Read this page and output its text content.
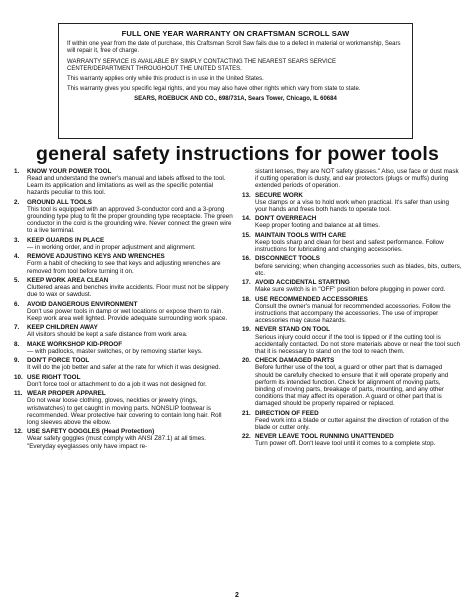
FULL ONE YEAR WARRANTY ON CRAFTSMAN SCROLL SAW
If within one year from the date of purchase, this Craftsman Scroll Saw fails due to a defect in material or workmanship, Sears will repair it, free of charge.
WARRANTY SERVICE IS AVAILABLE BY SIMPLY CONTACTING THE NEAREST SEARS SERVICE CENTER/DEPARTMENT THROUGHOUT THE UNITED STATES.
This warranty applies only while this product is in use in the United States.
This warranty gives you specific legal rights, and you may also have other rights which vary from state to state.
SEARS, ROEBUCK AND CO., 698/731A, Sears Tower, Chicago, IL 60684
general safety instructions for power tools
1. KNOW YOUR POWER TOOL
Read and understand the owner's manual and labels affixed to the tool. Learn its application and limitations as well as the specific potential hazards peculiar to this tool.
2. GROUND ALL TOOLS
This tool is equipped with an approved 3-conductor cord and a 3-prong grounding type plug to fit the proper grounding type receptacle. The green conductor in the cord is the grounding wire. Never connect the green wire to a live terminal.
3. KEEP GUARDS IN PLACE
— in working order, and in proper adjustment and alignment.
4. REMOVE ADJUSTING KEYS AND WRENCHES
Form a habit of checking to see that keys and adjusting wrenches are removed from tool before turning it on.
5. KEEP WORK AREA CLEAN
Cluttered areas and benches invite accidents. Floor must not be slippery due to wax or sawdust.
6. AVOID DANGEROUS ENVIRONMENT
Don't use power tools in damp or wet locations or expose them to rain. Keep work area well lighted. Provide adequate surrounding work space.
7. KEEP CHILDREN AWAY
All visitors should be kept a safe distance from work area.
8. MAKE WORKSHOP KID-PROOF
— with padlocks, master switches, or by removing starter keys.
9. DON'T FORCE TOOL
It will do the job better and safer at the rate for which it was designed.
10. USE RIGHT TOOL
Don't force tool or attachment to do a job it was not designed for.
11. WEAR PROPER APPAREL
Do not wear loose clothing, gloves, neckties or jewelry (rings, wristwatches) to get caught in moving parts. NONSLIP footwear is recommended. Wear protective hair covering to contain long hair. Roll long sleeves above the elbow.
12. USE SAFETY GOGGLES (Head Protection)
Wear safety goggles (must comply with ANSI Z87.1) at all times. "Everyday eyeglasses only have impact re-
sistant lenses, they are NOT safety glasses." Also, use face or dust mask if cutting operation is dusty, and ear protectors (plugs or muffs) during extended periods of operation.
13. SECURE WORK
Use clamps or a vise to hold work when practical. It's safer than using your hands and frees both hands to operate tool.
14. DON'T OVERREACH
Keep proper footing and balance at all times.
15. MAINTAIN TOOLS WITH CARE
Keep tools sharp and clean for best and safest performance. Follow instructions for lubricating and changing accessories.
16. DISCONNECT TOOLS
before servicing; when changing accessories such as blades, bits, cutters, etc.
17. AVOID ACCIDENTAL STARTING
Make sure switch is in "OFF" position before plugging in power cord.
18. USE RECOMMENDED ACCESSORIES
Consult the owner's manual for recommended accessories. Follow the instructions that accompany the accessories. The use of improper accessories may cause hazards.
19. NEVER STAND ON TOOL
Serious injury could occur if the tool is tipped or if the cutting tool is accidentally contacted. Do not store materials above or near the tool such that it is necessary to stand on the tool to reach them.
20. CHECK DAMAGED PARTS
Before further use of the tool, a guard or other part that is damaged should be carefully checked to ensure that it will operate properly and perform its intended function. Check for alignment of moving parts, binding of moving parts, breakage of parts, mounting, and any other conditions that may affect its operation. A guard or other part that is damaged should be properly repaired or replaced.
21. DIRECTION OF FEED
Feed work into a blade or cutter against the direction of rotation of the blade or cutter only.
22. NEVER LEAVE TOOL RUNNING UNATTENDED
Turn power off. Don't leave tool until it comes to a complete stop.
2
